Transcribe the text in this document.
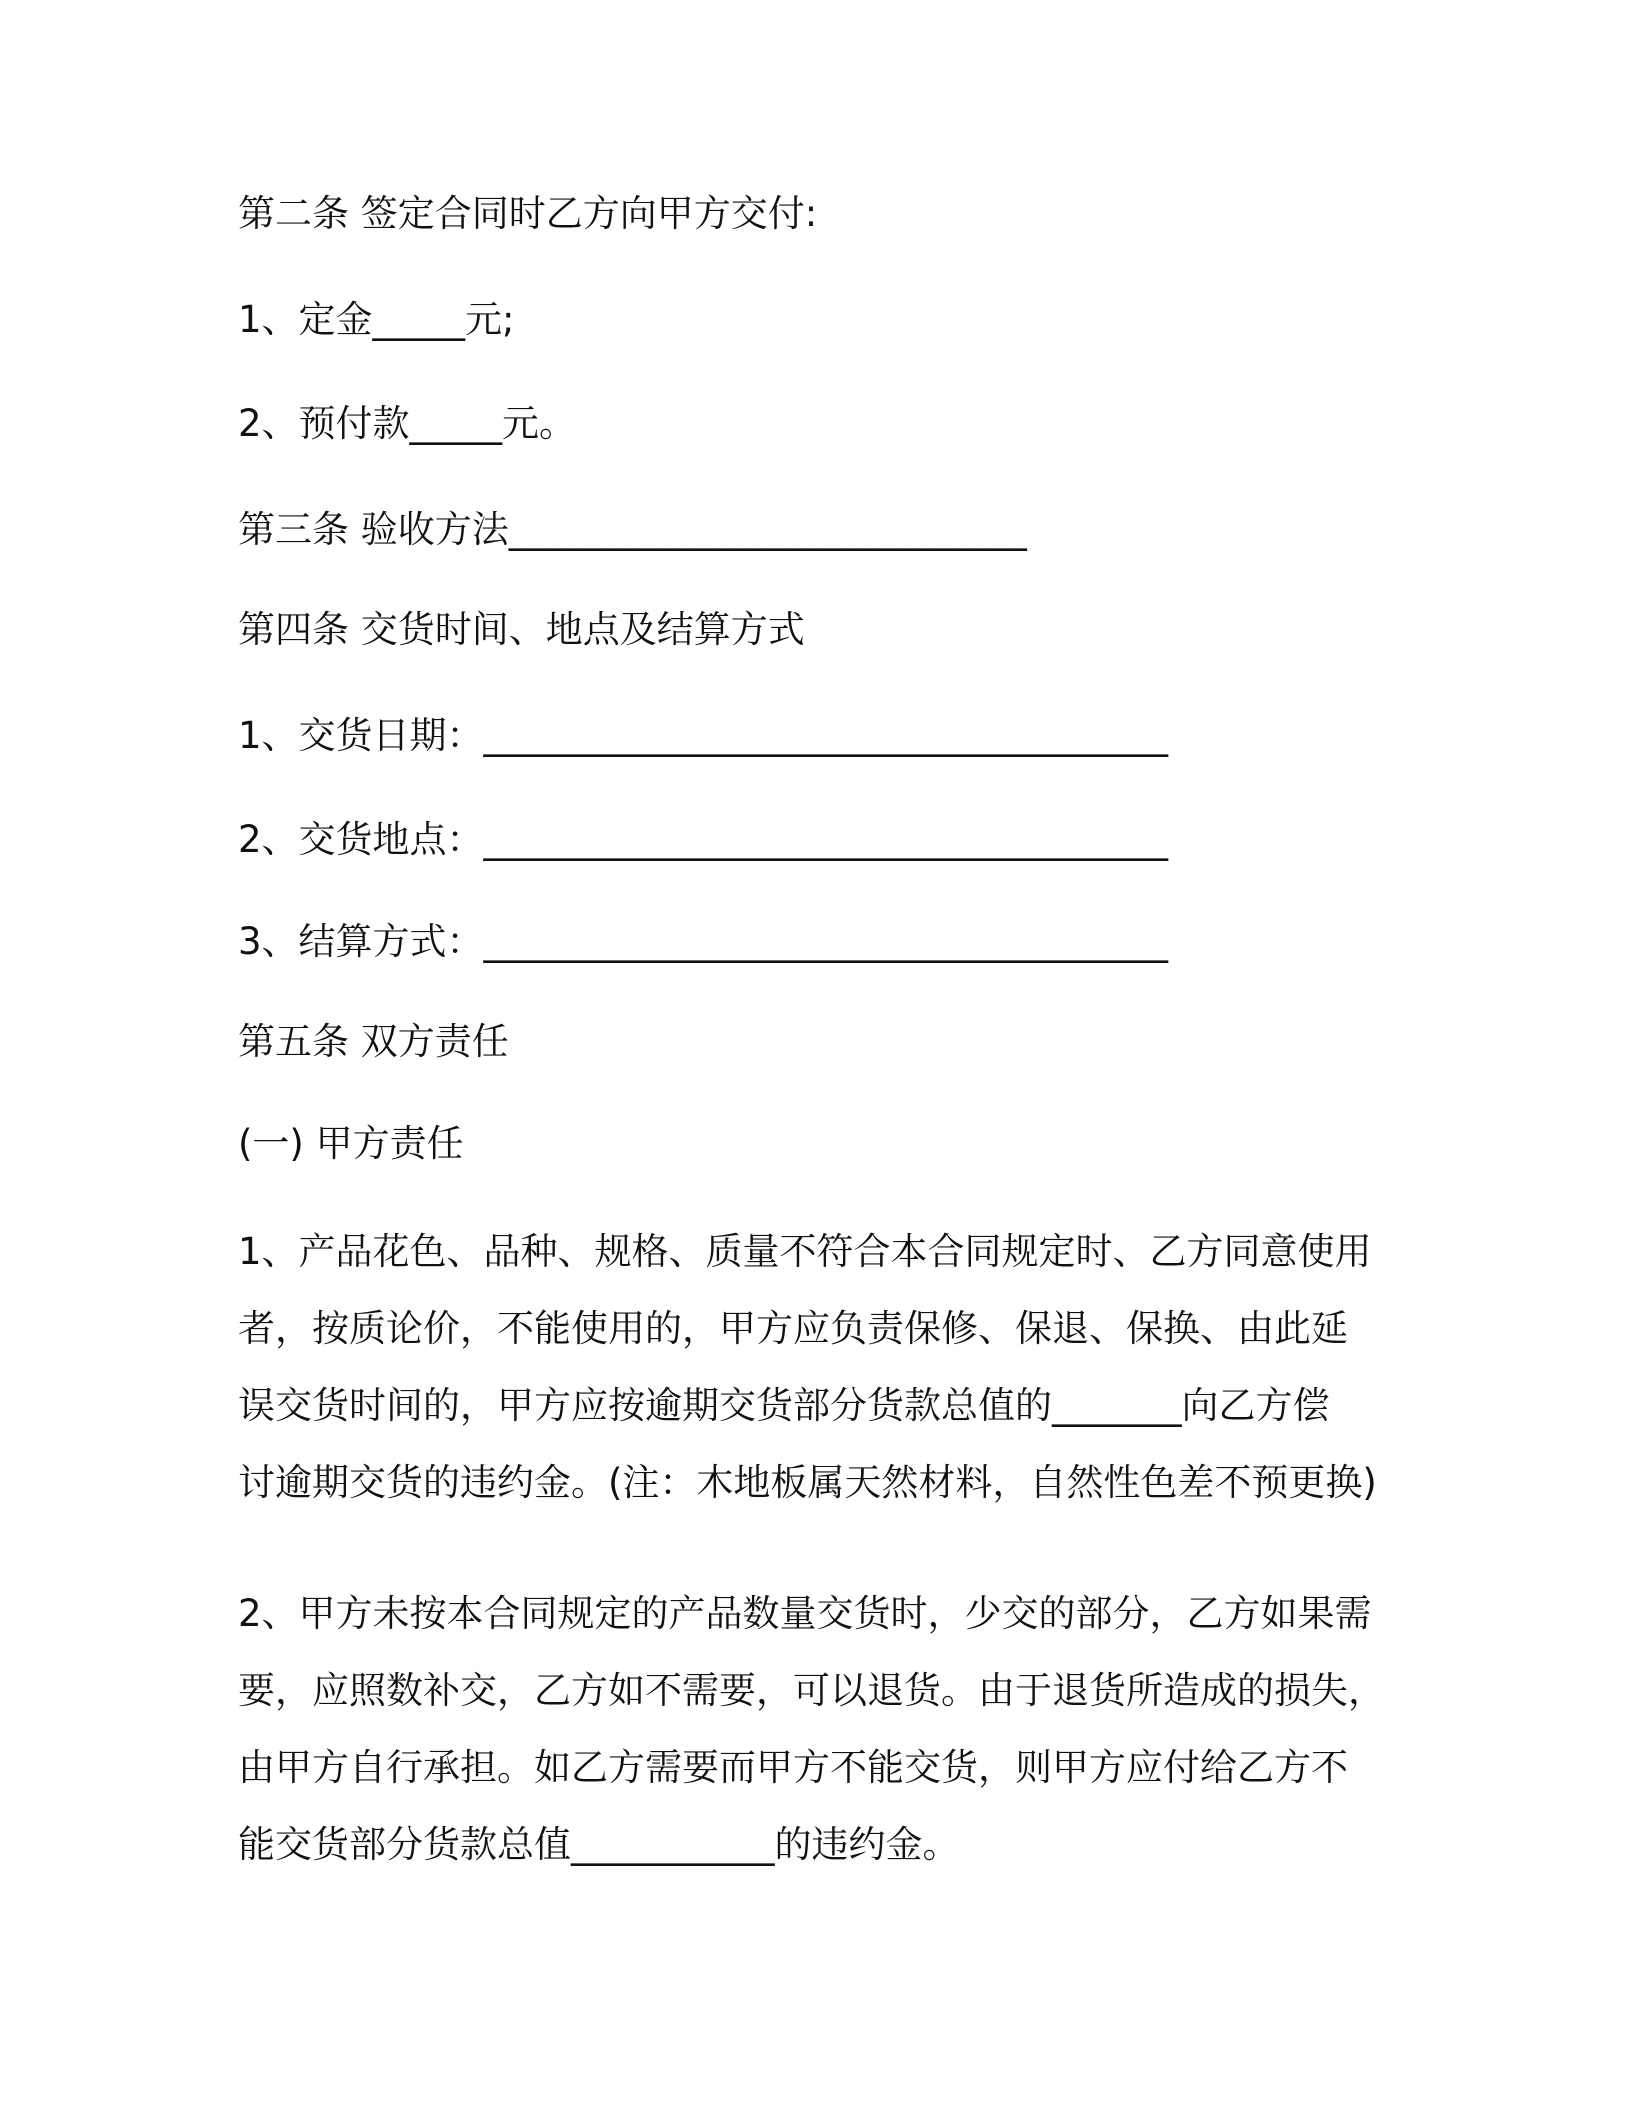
第二条 签定合同时乙方向甲方交付:

1、定金_____元;

2、预付款_____元。

第三条 验收方法____________________________

第四条 交货时间、地点及结算方式

1、交货日期：_____________________________________

2、交货地点：_____________________________________

3、结算方式：_____________________________________

第五条 双方责任

(一) 甲方责任

1、产品花色、品种、规格、质量不符合本合同规定时、乙方同意使用
者，按质论价，不能使用的，甲方应负责保修、保退、保换、由此延
误交货时间的，甲方应按逾期交货部分货款总值的_______向乙方偿
讨逾期交货的违约金。(注：木地板属天然材料，自然性色差不预更换)
2、甲方未按本合同规定的产品数量交货时，少交的部分，乙方如果需
要，应照数补交，乙方如不需要，可以退货。由于退货所造成的损失，
由甲方自行承担。如乙方需要而甲方不能交货，则甲方应付给乙方不
能交货部分货款总值___________的违约金。
